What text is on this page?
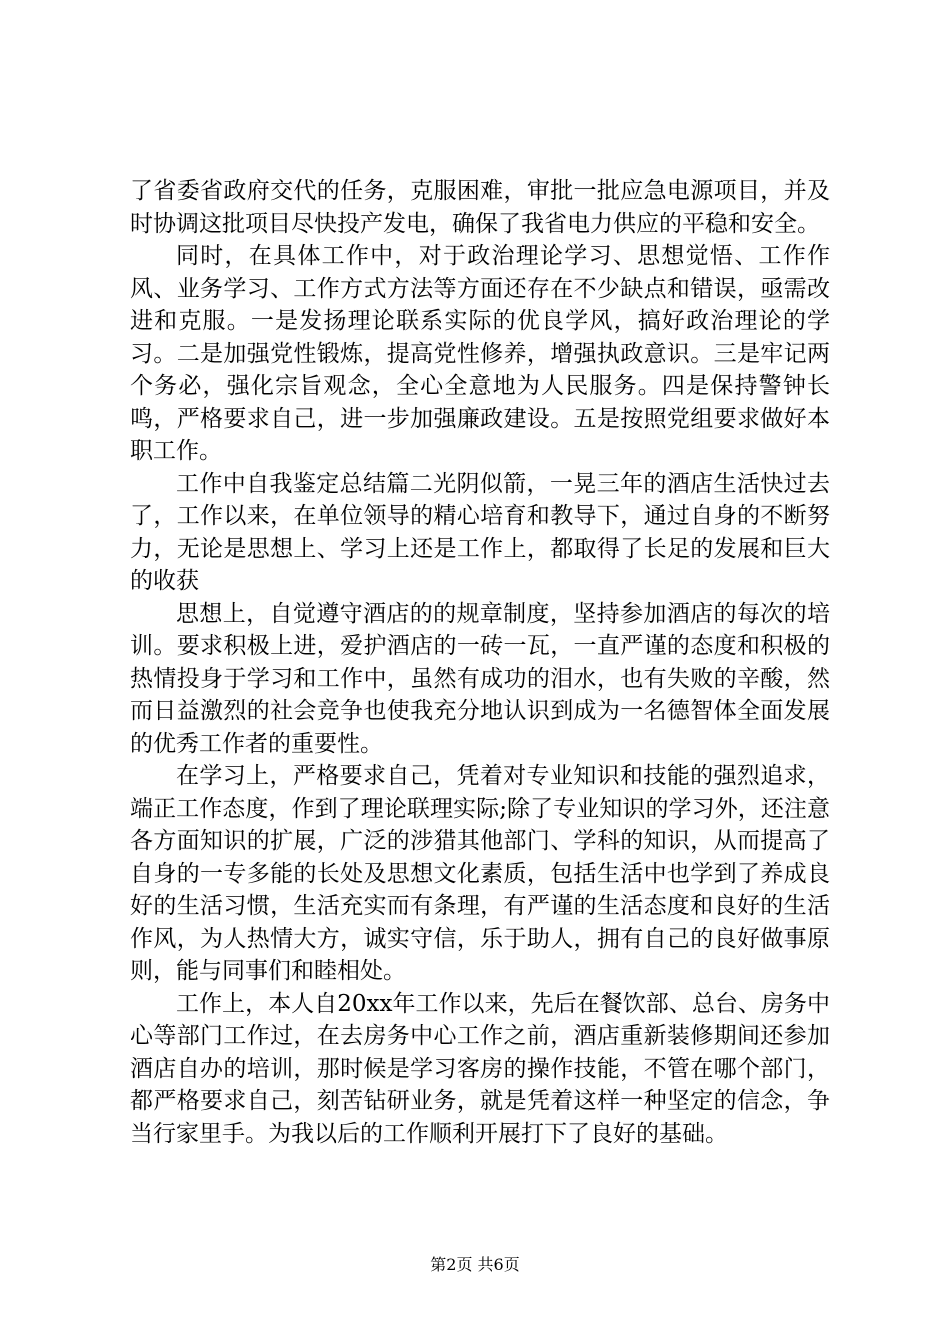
了省委省政府交代的任务，克服困难，审批一批应急电源项目，并及时协调这批项目尽快投产发电，确保了我省电力供应的平稳和安全。

同时，在具体工作中，对于政治理论学习、思想觉悟、工作作风、业务学习、工作方式方法等方面还存在不少缺点和错误，亟需改进和克服。一是发扬理论联系实际的优良学风，搞好政治理论的学习。二是加强党性锻炼，提高党性修养，增强执政意识。三是牢记两个务必，强化宗旨观念，全心全意地为人民服务。四是保持警钟长鸣，严格要求自己，进一步加强廉政建设。五是按照党组要求做好本职工作。

工作中自我鉴定总结篇二光阴似箭，一晃三年的酒店生活快过去了，工作以来，在单位领导的精心培育和教导下，通过自身的不断努力，无论是思想上、学习上还是工作上，都取得了长足的发展和巨大的收获

思想上，自觉遵守酒店的的规章制度，坚持参加酒店的每次的培训。要求积极上进，爱护酒店的一砖一瓦，一直严谨的态度和积极的热情投身于学习和工作中，虽然有成功的泪水，也有失败的辛酸，然而日益激烈的社会竞争也使我充分地认识到成为一名德智体全面发展的优秀工作者的重要性。

在学习上，严格要求自己，凭着对专业知识和技能的强烈追求，端正工作态度，作到了理论联理实际;除了专业知识的学习外，还注意各方面知识的扩展，广泛的涉猎其他部门、学科的知识，从而提高了自身的一专多能的长处及思想文化素质，包括生活中也学到了养成良好的生活习惯，生活充实而有条理，有严谨的生活态度和良好的生活作风，为人热情大方，诚实守信，乐于助人，拥有自己的良好做事原则，能与同事们和睦相处。

工作上，本人自20xx年工作以来，先后在餐饮部、总台、房务中心等部门工作过，在去房务中心工作之前，酒店重新装修期间还参加酒店自办的培训，那时候是学习客房的操作技能，不管在哪个部门，都严格要求自己，刻苦钻研业务，就是凭着这样一种坚定的信念，争当行家里手。为我以后的工作顺利开展打下了良好的基础。

第2页 共6页
